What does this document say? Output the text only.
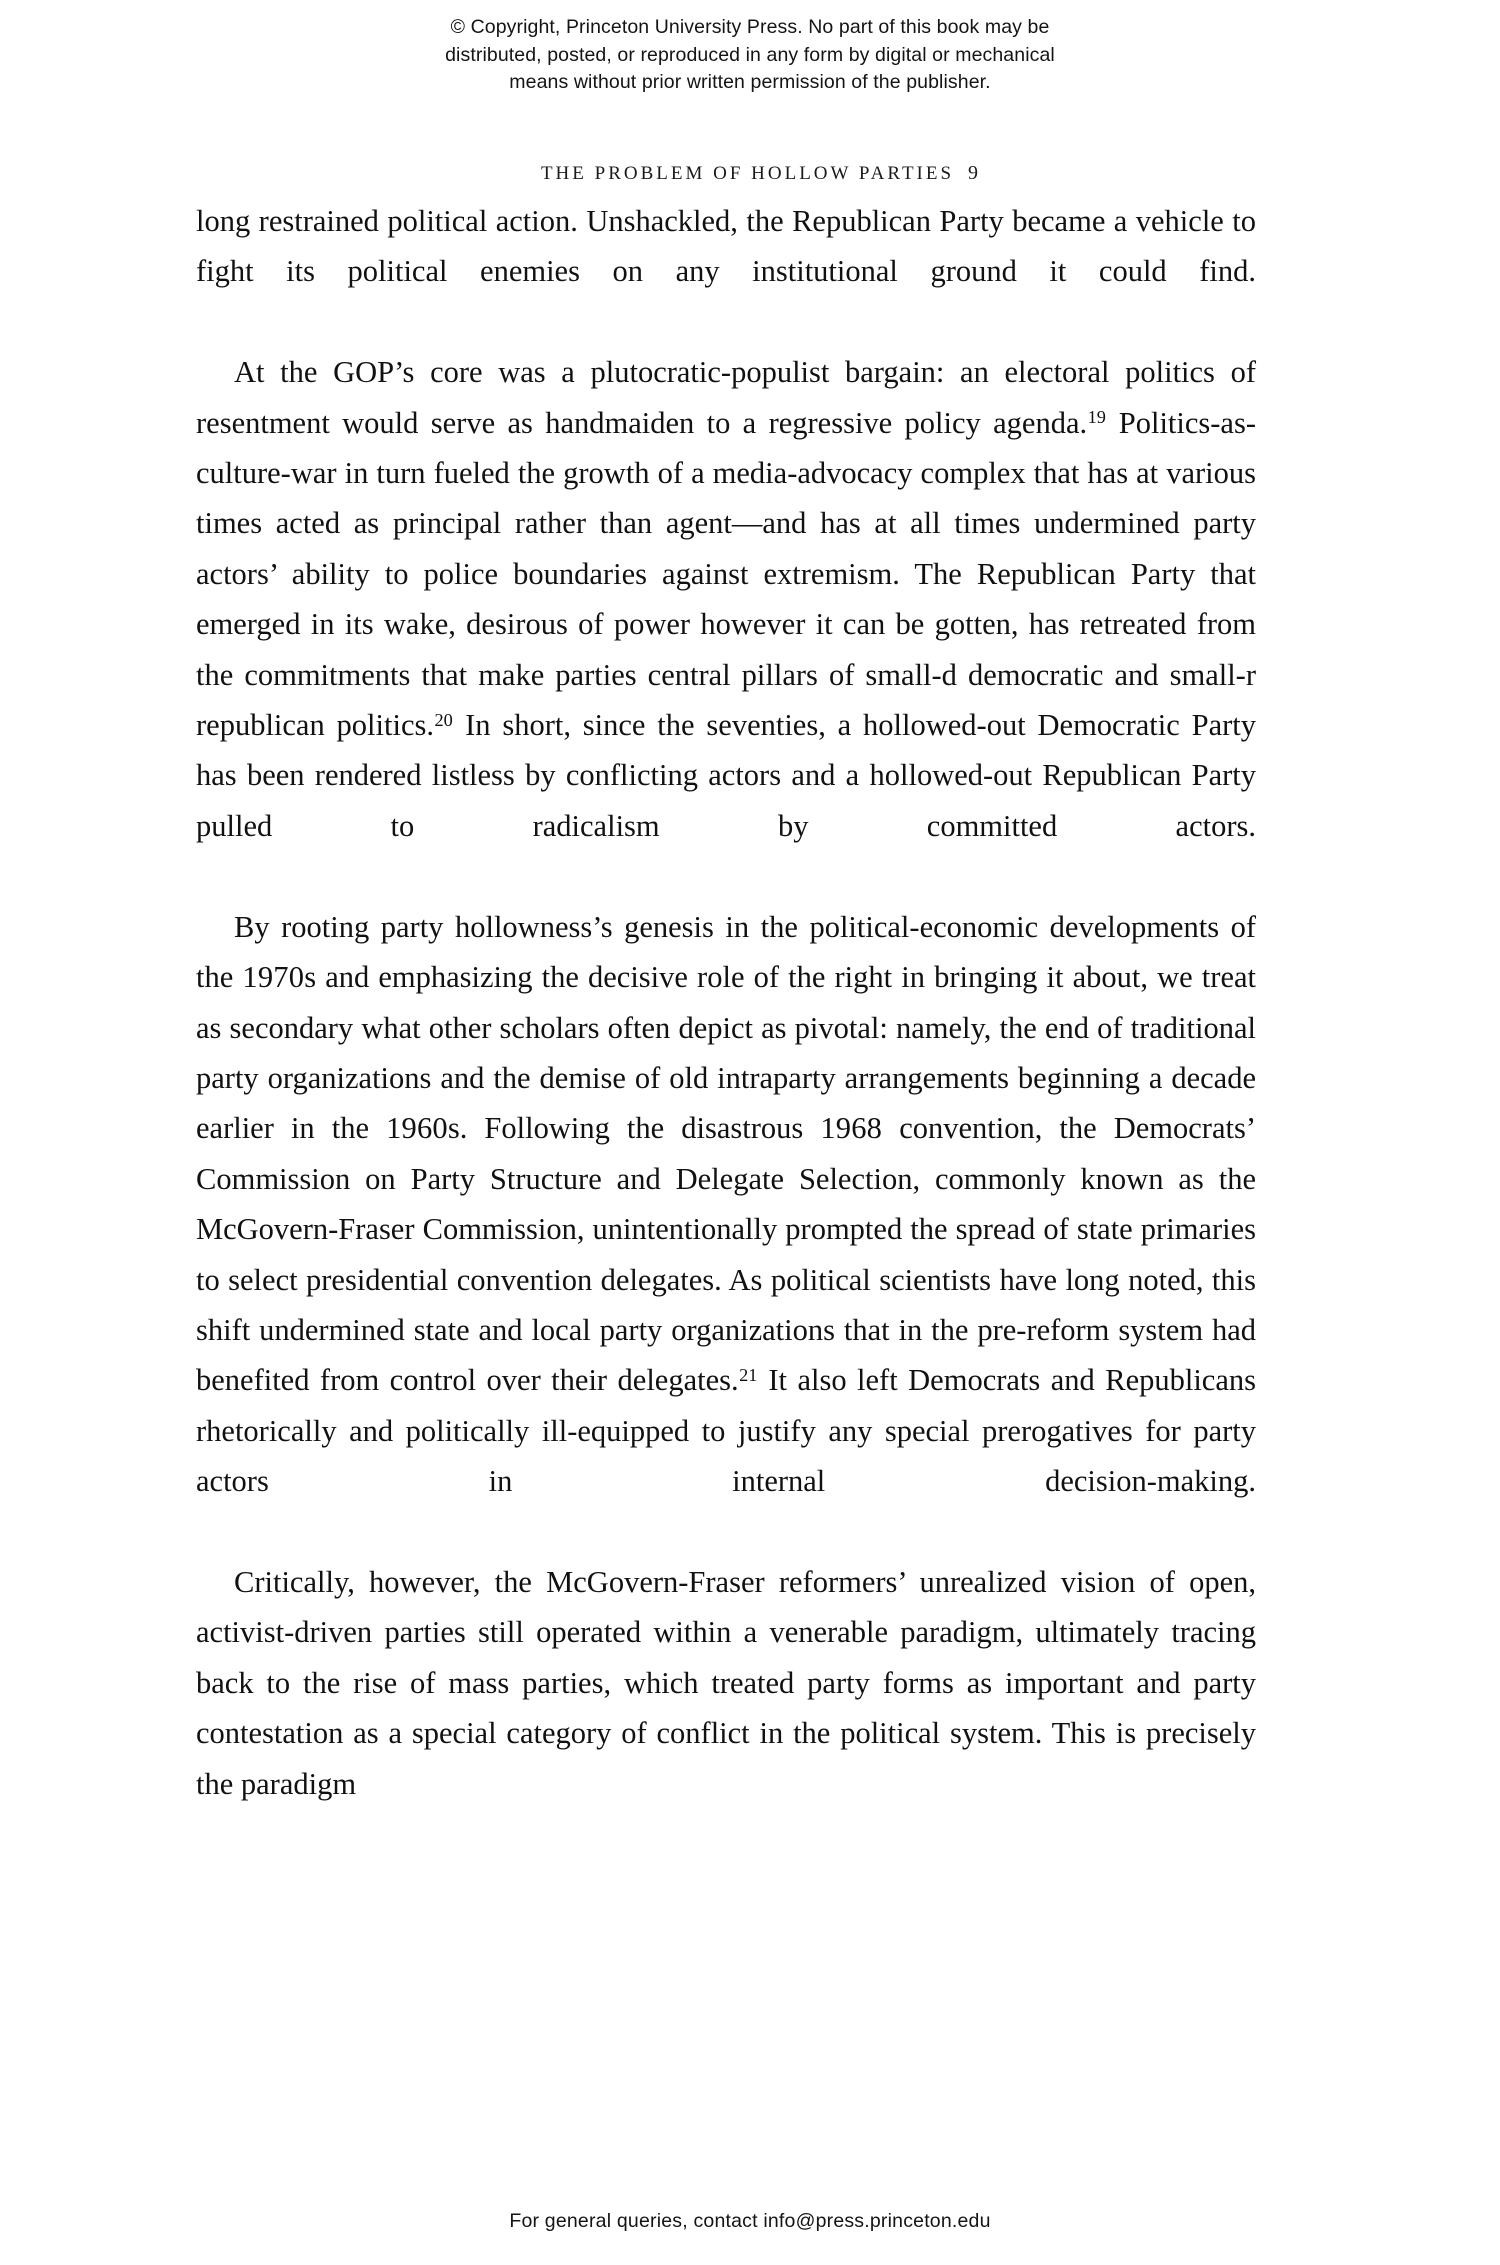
© Copyright, Princeton University Press. No part of this book may be
distributed, posted, or reproduced in any form by digital or mechanical
means without prior written permission of the publisher.

THE PROBLEM OF HOLLOW PARTIES 9

long restrained political action. Unshackled, the Republican Party became a vehicle to fight its political enemies on any institutional ground it could find.

At the GOP’s core was a plutocratic-populist bargain: an electoral politics of resentment would serve as handmaiden to a regressive policy agenda.$^{19}$ Politics-as-culture-war in turn fueled the growth of a media-advocacy complex that has at various times acted as principal rather than agent—and has at all times undermined party actors’ ability to police boundaries against extremism. The Republican Party that emerged in its wake, desirous of power however it can be gotten, has retreated from the commitments that make parties central pillars of small-d democratic and small-r republican politics.$^{20}$ In short, since the seventies, a hollowed-out Democratic Party has been rendered listless by conflicting actors and a hollowed-out Republican Party pulled to radicalism by committed actors.

By rooting party hollowness’s genesis in the political-economic developments of the 1970s and emphasizing the decisive role of the right in bringing it about, we treat as secondary what other scholars often depict as pivotal: namely, the end of traditional party organizations and the demise of old intraparty arrangements beginning a decade earlier in the 1960s. Following the disastrous 1968 convention, the Democrats’ Commission on Party Structure and Delegate Selection, commonly known as the McGovern-Fraser Commission, unintentionally prompted the spread of state primaries to select presidential convention delegates. As political scientists have long noted, this shift undermined state and local party organizations that in the pre-reform system had benefited from control over their delegates.$^{21}$ It also left Democrats and Republicans rhetorically and politically ill-equipped to justify any special prerogatives for party actors in internal decision-making.

Critically, however, the McGovern-Fraser reformers’ unrealized vision of open, activist-driven parties still operated within a venerable paradigm, ultimately tracing back to the rise of mass parties, which treated party forms as important and party contestation as a special category of conflict in the political system. This is precisely the paradigm

For general queries, contact info@press.princeton.edu
